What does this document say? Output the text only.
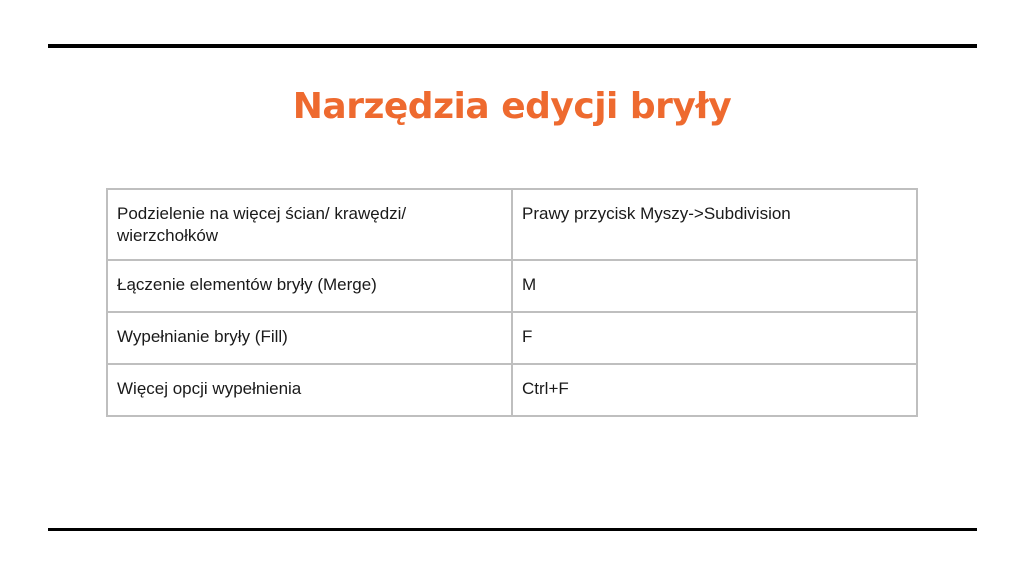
Narzędzia edycji bryły
Podzielenie na więcej ścian/ krawędzi/ wierzchołków	Prawy przycisk Myszy->Subdivision
Łączenie elementów bryły (Merge)	M
Wypełnianie bryły (Fill)	F
Więcej opcji wypełnienia	Ctrl+F
